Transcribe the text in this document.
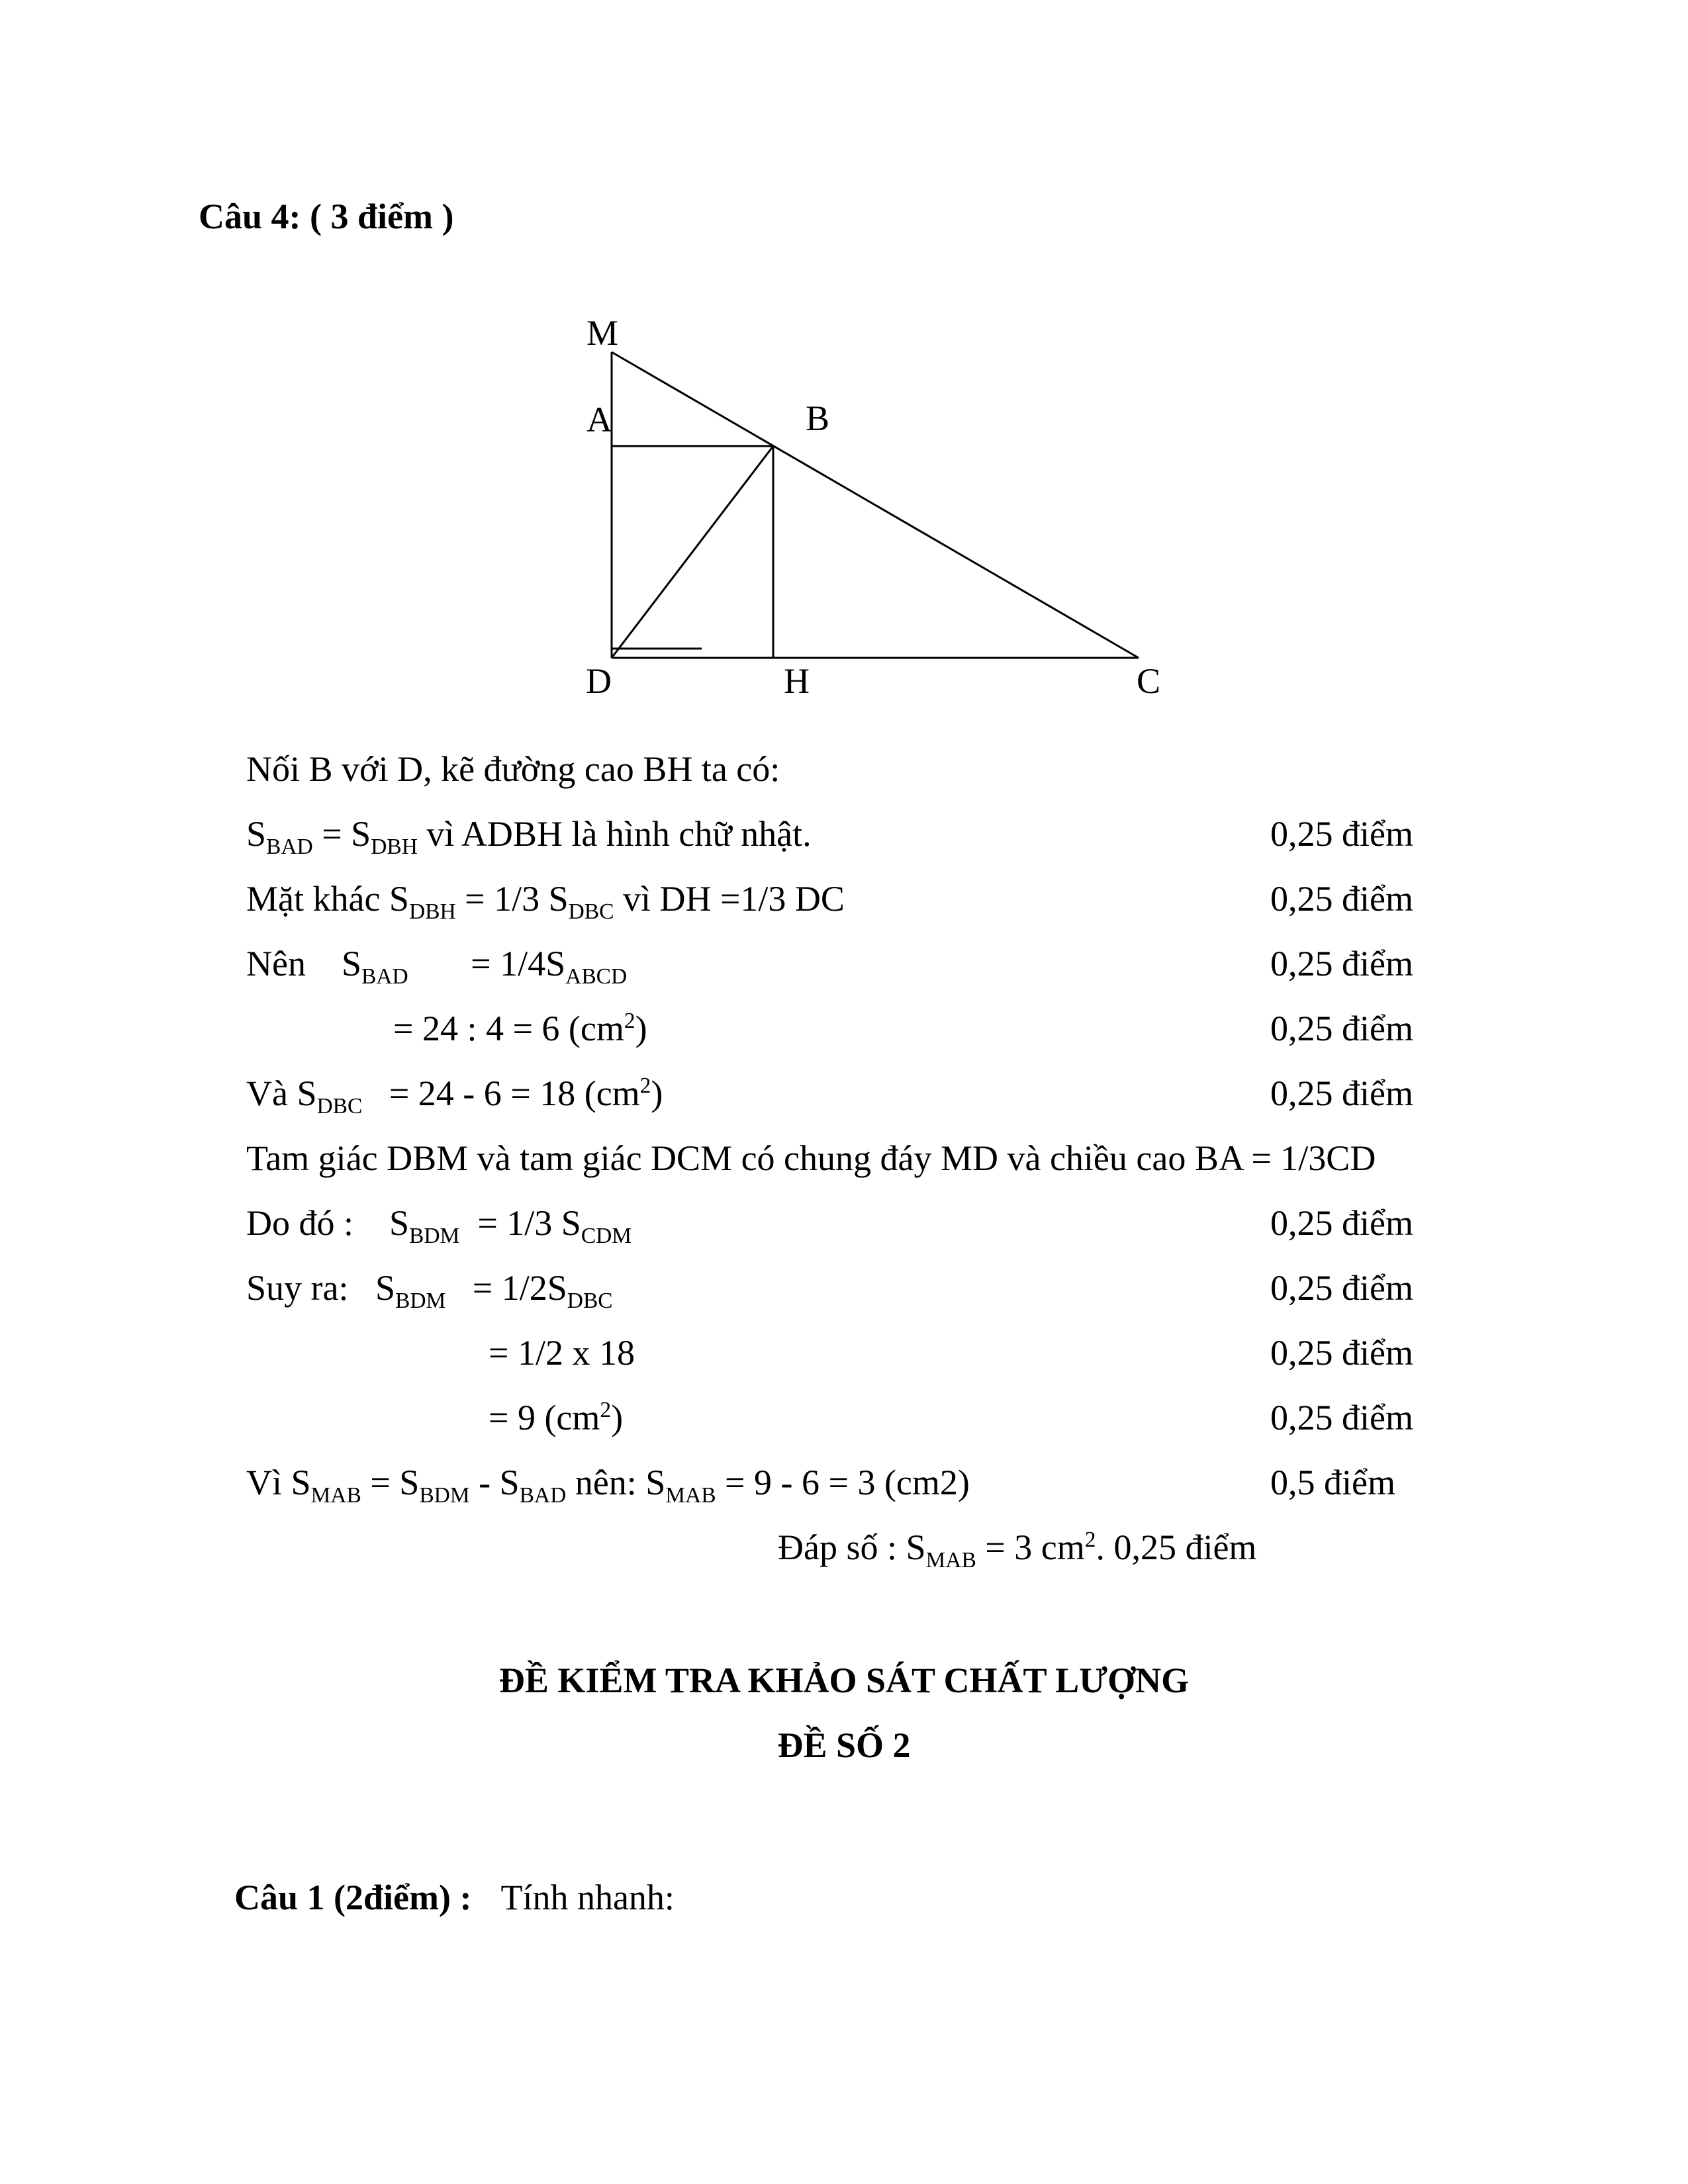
Câu 4: ( 3 điểm )
M
A	B
D	H	C
Nối B với D, kẽ đường cao BH ta có:
$S_{BAD} = S_{DBH}$ vì ADBH là hình chữ nhật.	0,25 điểm
Mặt khác $S_{DBH} = 1/3$ $S_{DBC}$ vì DH =1/3 DC	0,25 điểm
Nên    $S_{BAD}$       = $1/4S_{ABCD}$	0,25 điểm
= 24 : 4 = 6 $(cm^2)$	0,25 điểm
Và $S_{DBC} = 24 - 6 = 18$ $(cm^2)$	0,25 điểm
Tam giác DBM và tam giác DCM có chung đáy MD và chiều cao BA = 1/3CD
Do đó :    $S_{BDM} = 1/3$ $S_{CDM}$	0,25 điểm
Suy ra:   $S_{BDM} = 1/2S_{DBC}$	0,25 điểm
= 1/2 x 18	0,25 điểm
= 9 $(cm^2)$	0,25 điểm
Vì $S_{MAB} = S_{BDM} - S_{BAD}$ nên: $S_{MAB} = 9 - 6 = 3$ (cm2)	0,5 điểm
Đáp số : $S_{MAB} = 3$ $cm^2$. 0,25 điểm
ĐỀ KIỂM TRA KHẢO SÁT CHẤT LƯỢNG
ĐỀ SỐ 2

Câu 1 (2điểm) : Tính nhanh:
